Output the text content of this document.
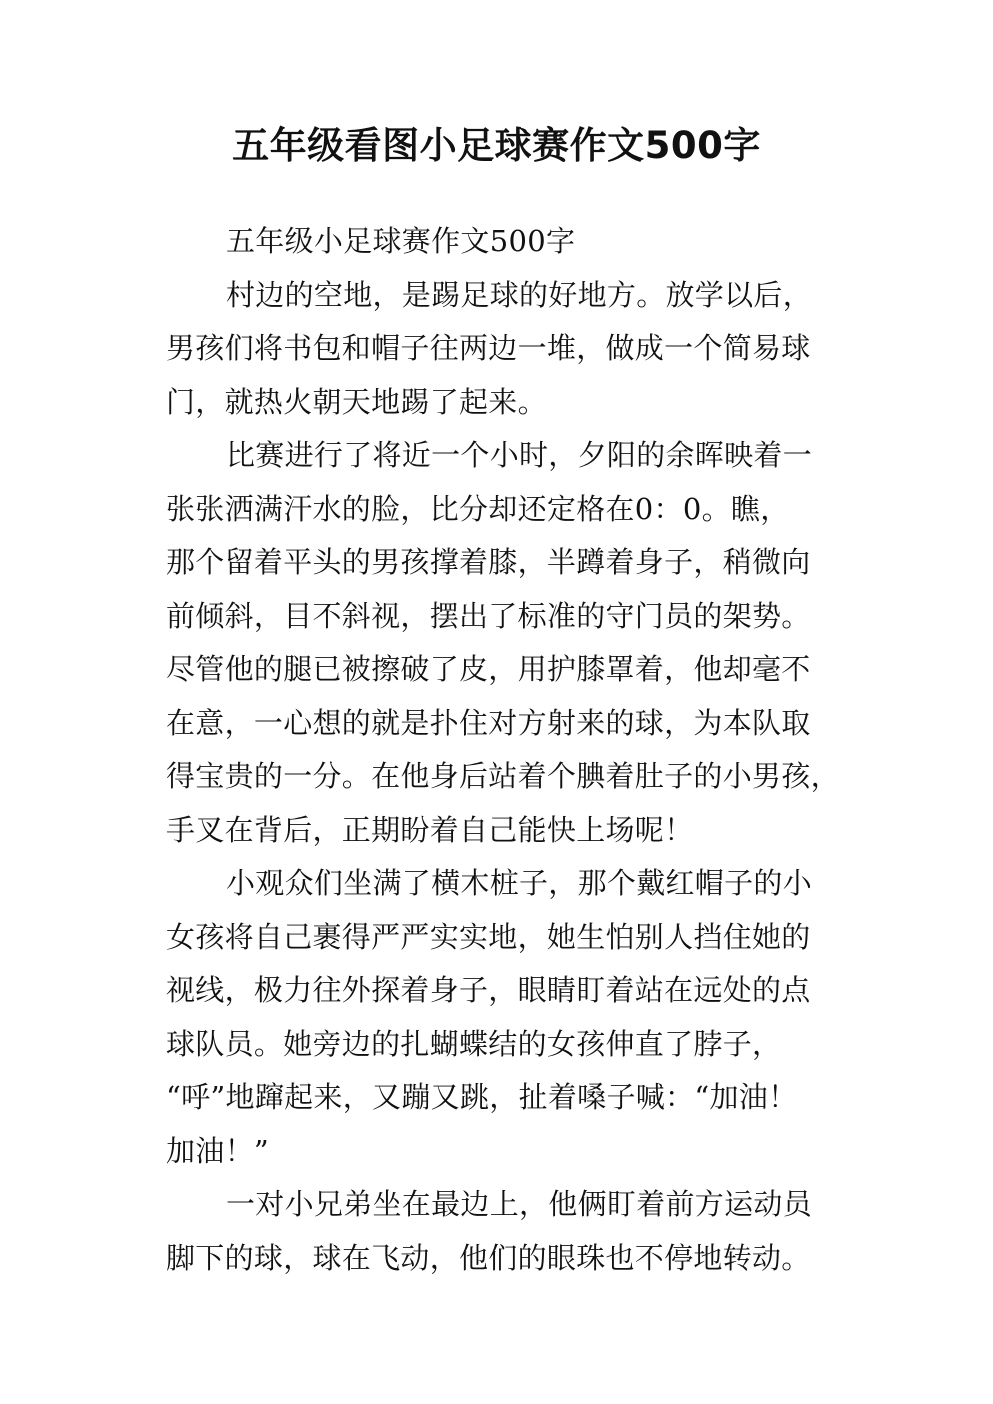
五年级看图小足球赛作文500字
五年级小足球赛作文500字
村边的空地，是踢足球的好地方。放学以后，
男孩们将书包和帽子往两边一堆，做成一个简易球
门，就热火朝天地踢了起来。
比赛进行了将近一个小时，夕阳的余晖映着一
张张洒满汗水的脸，比分却还定格在0：0。瞧，
那个留着平头的男孩撑着膝，半蹲着身子，稍微向
前倾斜，目不斜视，摆出了标准的守门员的架势。
尽管他的腿已被擦破了皮，用护膝罩着，他却毫不
在意，一心想的就是扑住对方射来的球，为本队取
得宝贵的一分。在他身后站着个腆着肚子的小男孩，
手叉在背后，正期盼着自己能快上场呢！
小观众们坐满了横木桩子，那个戴红帽子的小
女孩将自己裹得严严实实地，她生怕别人挡住她的
视线，极力往外探着身子，眼睛盯着站在远处的点
球队员。她旁边的扎蝴蝶结的女孩伸直了脖子，
“呼”地蹿起来，又蹦又跳，扯着嗓子喊：“加油！
加油！”
一对小兄弟坐在最边上，他俩盯着前方运动员
脚下的球，球在飞动，他们的眼珠也不停地转动。
